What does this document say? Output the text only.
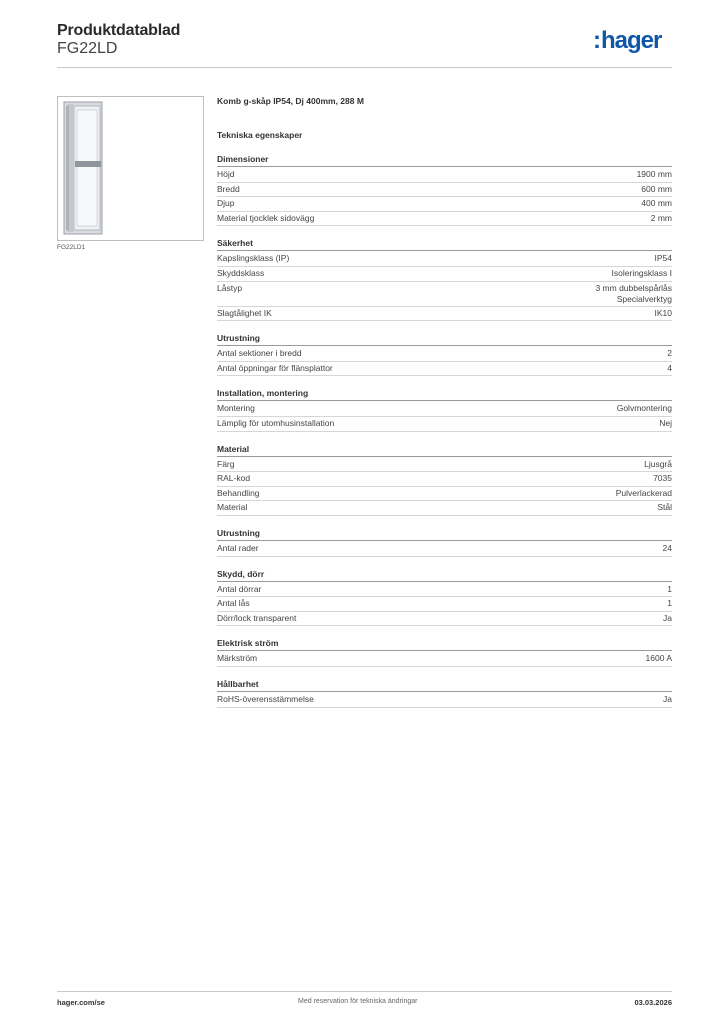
Produktdatablad
FG22LD	:hager
FG22LD1
Komb g-skåp IP54, Dj 400mm, 288 M
Tekniska egenskaper
Dimensioner
Höjd	1900 mm
Bredd	600 mm
Djup	400 mm
Material tjocklek sidovägg	2 mm
Säkerhet
Kapslingsklass (IP)	IP54
Skyddsklass	Isoleringsklass I
Låstyp	3 mm dubbelspårlås
Specialverktyg
Slagtålighet IK	IK10
Utrustning
Antal sektioner i bredd	2
Antal öppningar för flänsplattor	4
Installation, montering
Montering	Golvmontering
Lämplig för utomhusinstallation	Nej
Material
Färg	Ljusgrå
RAL-kod	7035
Behandling	Pulverlackerad
Material	Stål
Utrustning
Antal rader	24
Skydd, dörr
Antal dörrar	1
Antal lås	1
Dörr/lock transparent	Ja
Elektrisk ström
Märkström	1600 A
Hållbarhet
RoHS-överensstämmelse	Ja
hager.com/se	Med reservation för tekniska ändringar	03.03.2026
